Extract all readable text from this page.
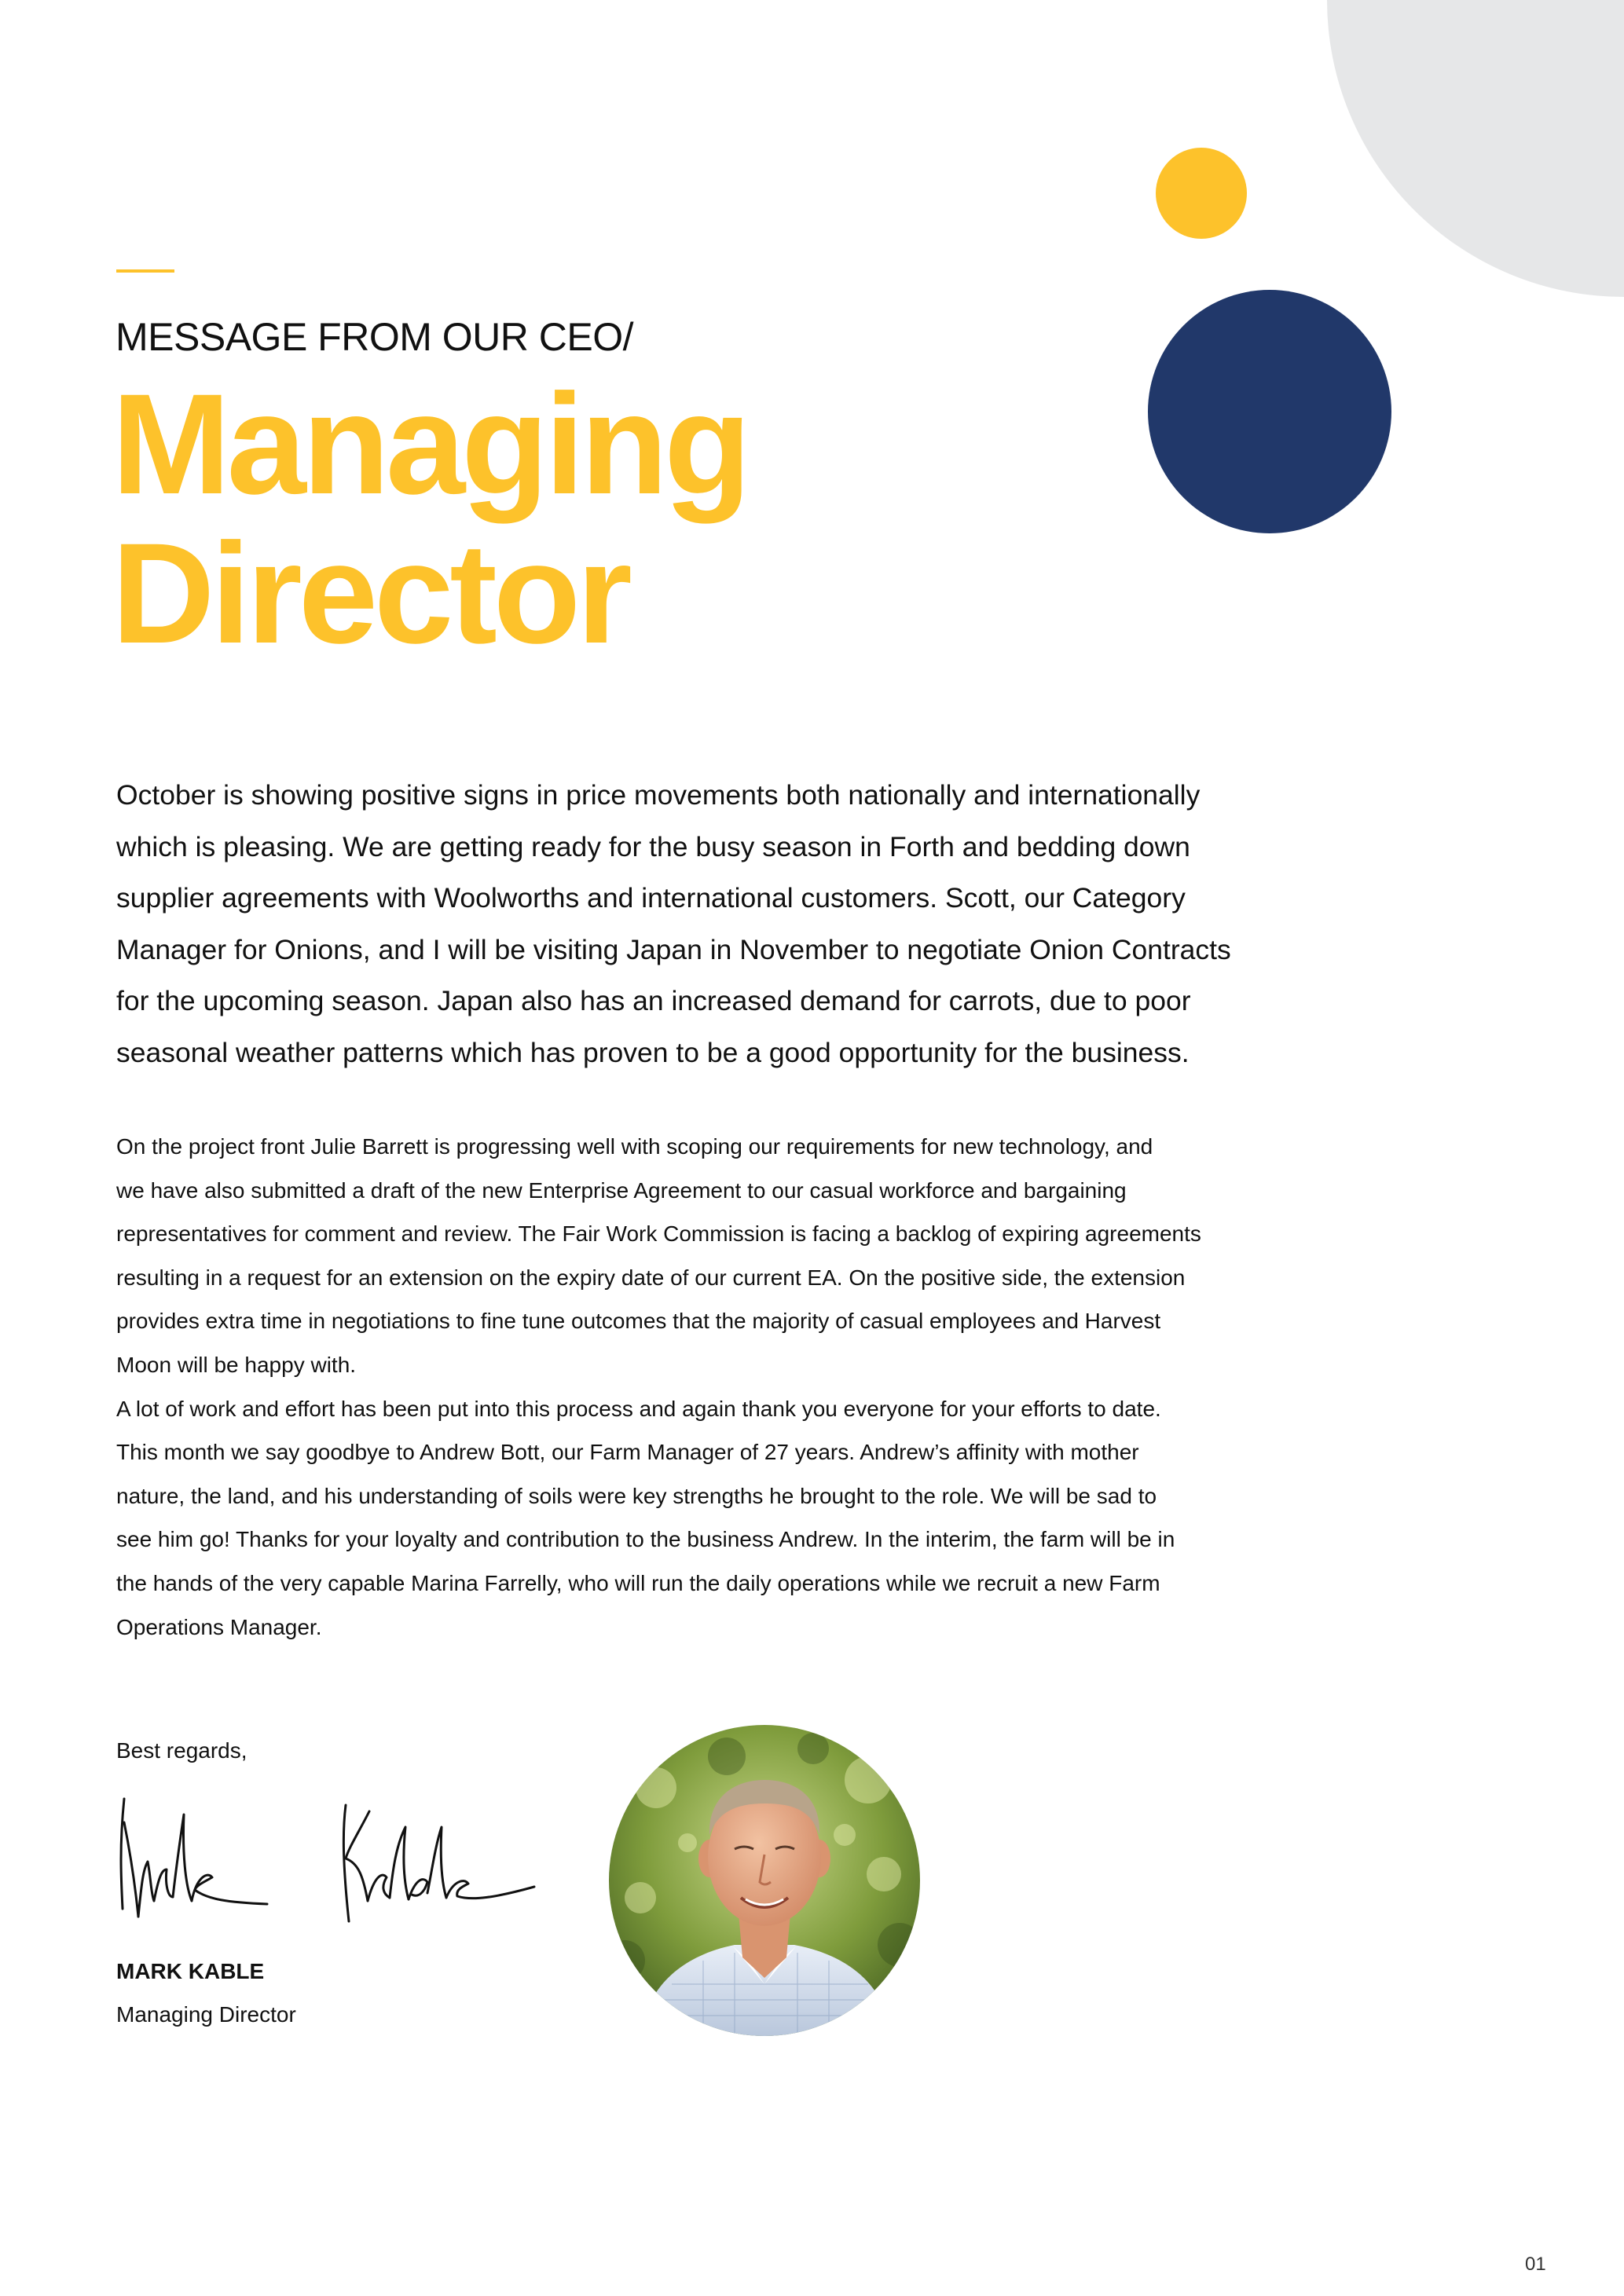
MESSAGE FROM OUR CEO/
Managing
Director
October is showing positive signs in price movements both nationally and internationally
which is pleasing. We are getting ready for the busy season in Forth and bedding down
supplier agreements with Woolworths and international customers. Scott, our Category
Manager for Onions, and I will be visiting Japan in November to negotiate Onion Contracts
for the upcoming season. Japan also has an increased demand for carrots, due to poor
seasonal weather patterns which has proven to be a good opportunity for the business.
On the project front Julie Barrett is progressing well with scoping our requirements for new technology, and
we have also submitted a draft of the new Enterprise Agreement to our casual workforce and bargaining
representatives for comment and review. The Fair Work Commission is facing a backlog of expiring agreements
resulting in a request for an extension on the expiry date of our current EA. On the positive side, the extension
provides extra time in negotiations to fine tune outcomes that the majority of casual employees and Harvest
Moon will be happy with.
A lot of work and effort has been put into this process and again thank you everyone for your efforts to date.
This month we say goodbye to Andrew Bott, our Farm Manager of 27 years. Andrew’s affinity with mother
nature, the land, and his understanding of soils were key strengths he brought to the role. We will be sad to
see him go! Thanks for your loyalty and contribution to the business Andrew. In the interim, the farm will be in
the hands of the very capable Marina Farrelly, who will run the daily operations while we recruit a new Farm
Operations Manager.
Best regards,
MARK KABLE
Managing Director
01
